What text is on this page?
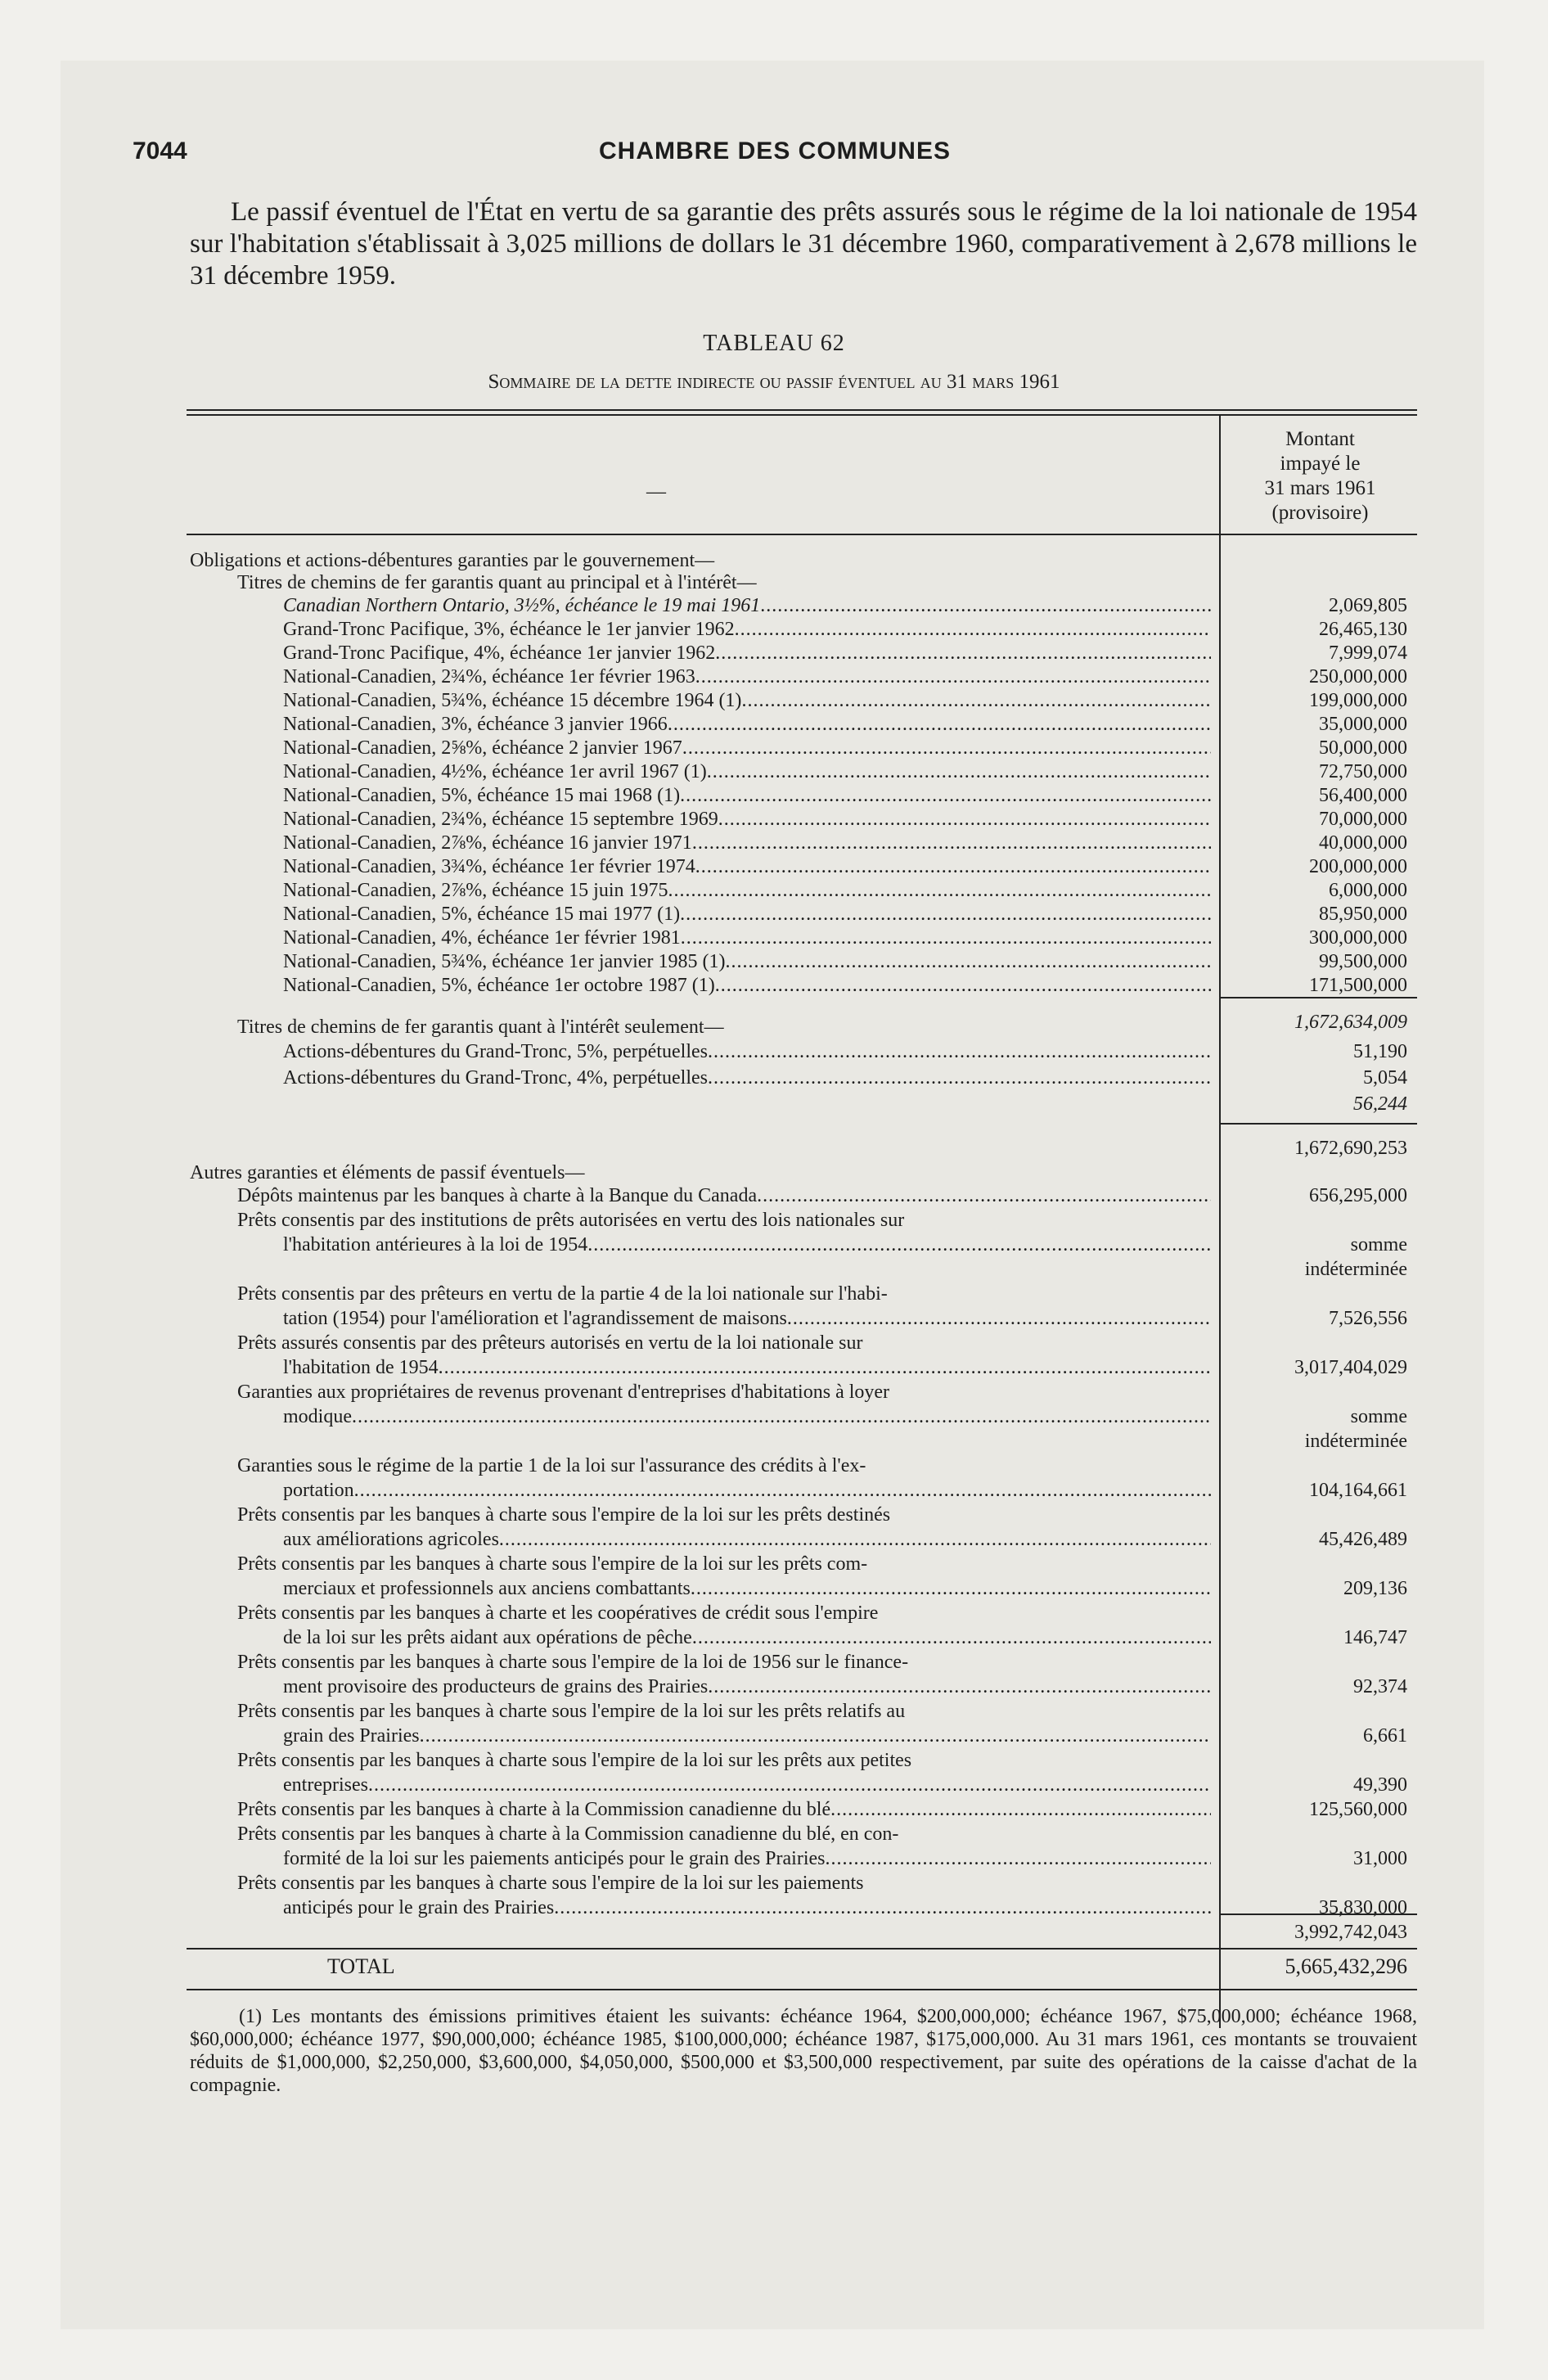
7044	CHAMBRE DES COMMUNES

Le passif éventuel de l'État en vertu de sa garantie des prêts assurés sous le régime de la loi nationale de 1954 sur l'habitation s'établissait à 3,025 millions de dollars le 31 décembre 1960, comparativement à 2,678 millions le 31 décembre 1959.

TABLEAU 62
Sommaire de la dette indirecte ou passif éventuel au 31 mars 1961
—
Montant
impayé le
31 mars 1961
(provisoire)
Obligations et actions-débentures garanties par le gouvernement—
Titres de chemins de fer garantis quant au principal et à l'intérêt—
Canadian Northern Ontario, 3½%, échéance le 19 mai 1961 .....	2,069,805
Grand-Tronc Pacifique, 3%, échéance le 1er janvier 1962 .....	26,465,130
Grand-Tronc Pacifique, 4%, échéance 1er janvier 1962 .....	7,999,074
National-Canadien, 2¾%, échéance 1er février 1963 .....	250,000,000
National-Canadien, 5¾%, échéance 15 décembre 1964 (1) .....	199,000,000
National-Canadien, 3%, échéance 3 janvier 1966 .....	35,000,000
National-Canadien, 2⅝%, échéance 2 janvier 1967 .....	50,000,000
National-Canadien, 4½%, échéance 1er avril 1967 (1) .....	72,750,000
National-Canadien, 5%, échéance 15 mai 1968 (1) .....	56,400,000
National-Canadien, 2¾%, échéance 15 septembre 1969 .....	70,000,000
National-Canadien, 2⅞%, échéance 16 janvier 1971 .....	40,000,000
National-Canadien, 3¾%, échéance 1er février 1974 .....	200,000,000
National-Canadien, 2⅞%, échéance 15 juin 1975 .....	6,000,000
National-Canadien, 5%, échéance 15 mai 1977 (1) .....	85,950,000
National-Canadien, 4%, échéance 1er février 1981 .....	300,000,000
National-Canadien, 5¾%, échéance 1er janvier 1985 (1) .....	99,500,000
National-Canadien, 5%, échéance 1er octobre 1987 (1) .....	171,500,000
1,672,634,009
Titres de chemins de fer garantis quant à l'intérêt seulement—
Actions-débentures du Grand-Tronc, 5%, perpétuelles .....	51,190
Actions-débentures du Grand-Tronc, 4%, perpétuelles .....	5,054
56,244
1,672,690,253
Autres garanties et éléments de passif éventuels—
Dépôts maintenus par les banques à charte à la Banque du Canada .....	656,295,000
Prêts consentis par des institutions de prêts autorisées en vertu des lois nationales sur
l'habitation antérieures à la loi de 1954 .....	somme
indéterminée
Prêts consentis par des prêteurs en vertu de la partie 4 de la loi nationale sur l'habi-
tation (1954) pour l'amélioration et l'agrandissement de maisons .....	7,526,556
Prêts assurés consentis par des prêteurs autorisés en vertu de la loi nationale sur
l'habitation de 1954 .....	3,017,404,029
Garanties aux propriétaires de revenus provenant d'entreprises d'habitations à loyer
modique .....	somme
indéterminée
Garanties sous le régime de la partie 1 de la loi sur l'assurance des crédits à l'ex-
portation .....	104,164,661
Prêts consentis par les banques à charte sous l'empire de la loi sur les prêts destinés
aux améliorations agricoles .....	45,426,489
Prêts consentis par les banques à charte sous l'empire de la loi sur les prêts com-
merciaux et professionnels aux anciens combattants .....	209,136
Prêts consentis par les banques à charte et les coopératives de crédit sous l'empire
de la loi sur les prêts aidant aux opérations de pêche .....	146,747
Prêts consentis par les banques à charte sous l'empire de la loi de 1956 sur le finance-
ment provisoire des producteurs de grains des Prairies .....	92,374
Prêts consentis par les banques à charte sous l'empire de la loi sur les prêts relatifs au
grain des Prairies .....	6,661
Prêts consentis par les banques à charte sous l'empire de la loi sur les prêts aux petites
entreprises .....	49,390
Prêts consentis par les banques à charte à la Commission canadienne du blé .....	125,560,000
Prêts consentis par les banques à charte à la Commission canadienne du blé, en con-
formité de la loi sur les paiements anticipés pour le grain des Prairies .....	31,000
Prêts consentis par les banques à charte sous l'empire de la loi sur les paiements
anticipés pour le grain des Prairies .....	35,830,000
3,992,742,043
TOTAL	5,665,432,296

(1) Les montants des émissions primitives étaient les suivants: échéance 1964, $200,000,000; échéance 1967, $75,000,000; échéance 1968, $60,000,000; échéance 1977, $90,000,000; échéance 1985, $100,000,000; échéance 1987, $175,000,000. Au 31 mars 1961, ces montants se trouvaient réduits de $1,000,000, $2,250,000, $3,600,000, $4,050,000, $500,000 et $3,500,000 respectivement, par suite des opérations de la caisse d'achat de la compagnie.
